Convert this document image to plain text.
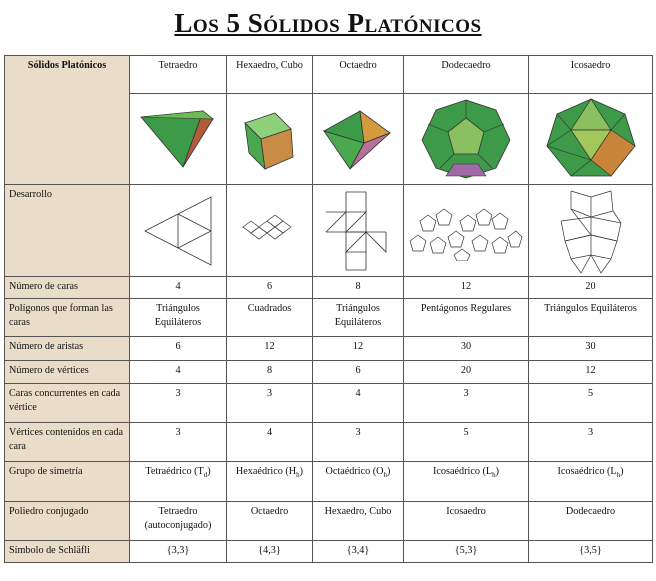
Los 5 Sólidos Platónicos
Sólidos Platónicos	Tetraedro	Hexaedro, Cubo	Octaedro	Dodecaedro	Icosaedro

Desarrollo	

Número de caras	4	6	8	12	20
Polígonos que forman las caras	Triángulos Equiláteros	Cuadrados	Triángulos Equiláteros	Pentágonos Regulares	Triángulos Equiláteros
Número de aristas	6	12	12	30	30
Número de vértices	4	8	6	20	12
Caras concurrentes en cada vértice	3	3	4	3	5
Vértices contenidos en cada cara	3	4	3	5	3
Grupo de simetría	Tetraédrico $(T_d)$	Hexaédrico $(H_h)$	Octaédrico $(O_h)$	Icosaédrico $(L_h)$	Icosaédrico $(L_h)$
Poliedro conjugado	Tetraedro (autoconjugado)	Octaedro	Hexaedro, Cubo	Icosaedro	Dodecaedro
Símbolo de Schläfli	{3,3}	{4,3}	{3,4}	{5,3}	{3,5}
